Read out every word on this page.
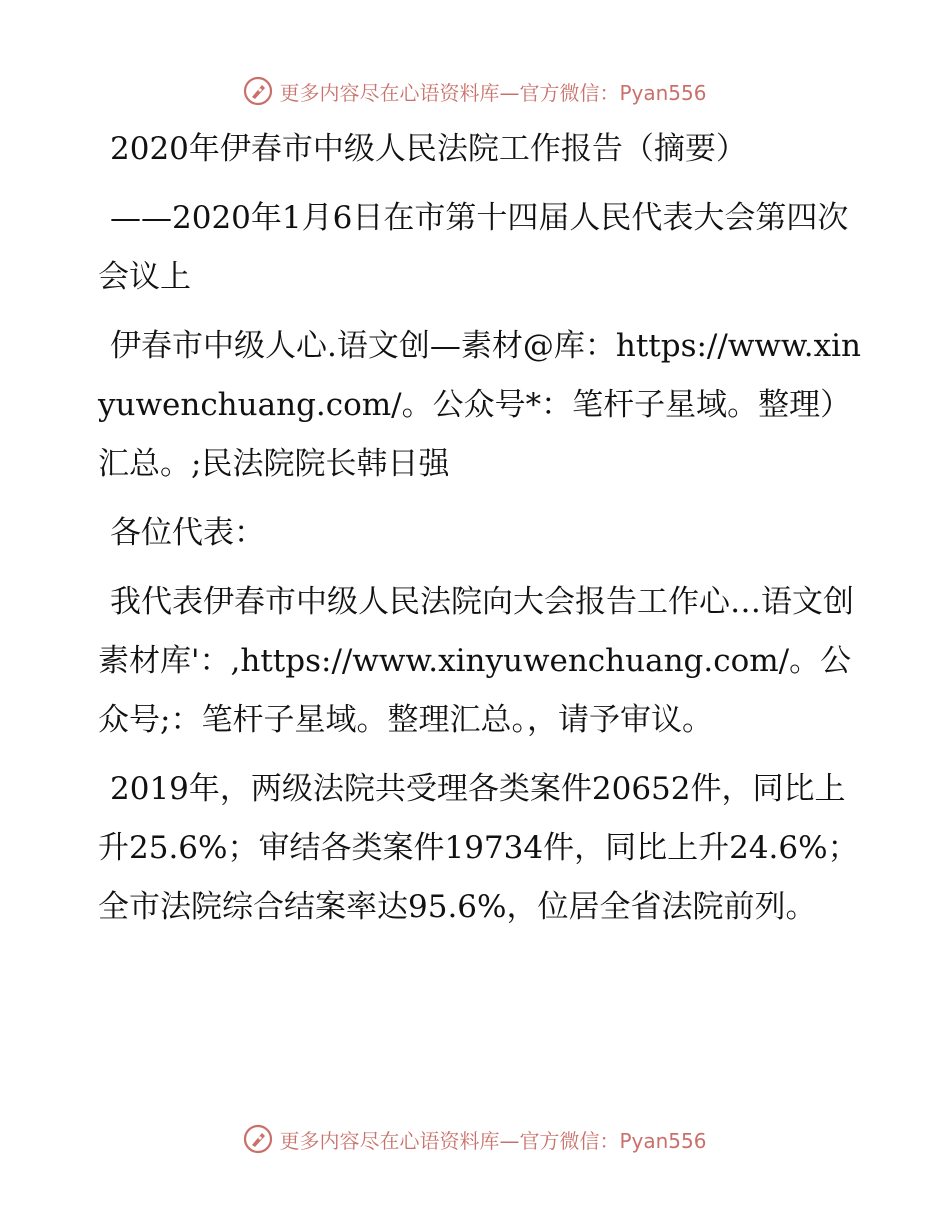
更多内容尽在心语资料库—官方微信：Pyan556

2020年伊春市中级人民法院工作报告（摘要）

——2020年1月6日在市第十四届人民代表大会第四次会议上

伊春市中级人心.语文创—素材@库：https://www.xinyuwenchuang.com/。公众号*：笔杆子星域。整理）汇总。;民法院院长韩日强

各位代表：

我代表伊春市中级人民法院向大会报告工作心…语文创素材库'：,https://www.xinyuwenchuang.com/。公众号;：笔杆子星域。整理汇总。，请予审议。

2019年，两级法院共受理各类案件20652件，同比上升25.6%；审结各类案件19734件，同比上升24.6%；全市法院综合结案率达95.6%，位居全省法院前列。

更多内容尽在心语资料库—官方微信：Pyan556
